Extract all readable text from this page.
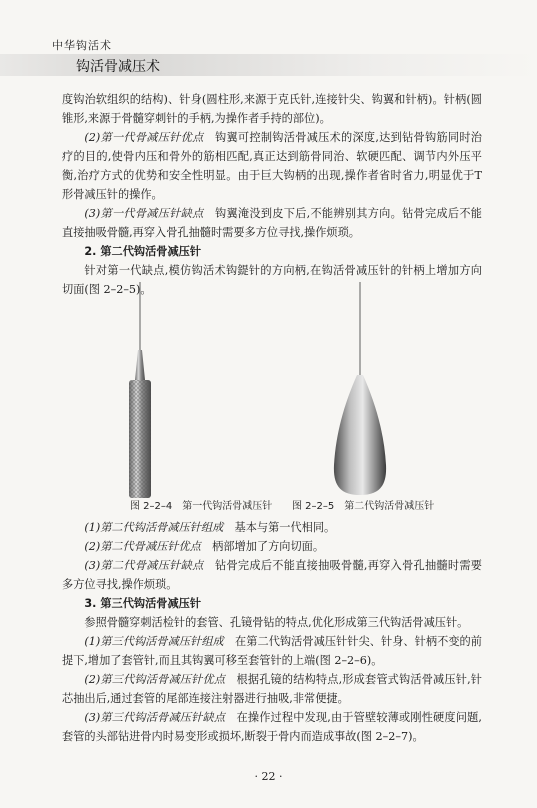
中华钩活术
钩活骨减压术

度钩治软组织的结构)、针身(圆柱形,来源于克氏针,连接针尖、钩翼和针柄)。针柄(圆锥形,来源于骨髓穿刺针的手柄,为操作者手持的部位)。

(2)第一代骨减压针优点　 钩翼可控制钩活骨减压术的深度,达到钻骨钩筋同时治疗的目的,使骨内压和骨外的筋相匹配,真正达到筋骨同治、软硬匹配、调节内外压平衡,治疗方式的优势和安全性明显。由于巨大钩柄的出现,操作者省时省力,明显优于T形骨减压针的操作。

(3)第一代骨减压针缺点　 钩翼淹没到皮下后,不能辨别其方向。钻骨完成后不能直接抽吸骨髓,再穿入骨孔抽髓时需要多方位寻找,操作烦琐。

2. 第二代钩活骨减压针

针对第一代缺点,模仿钩活术钩鍉针的方向柄,在钩活骨减压针的针柄上增加方向切面(图 2–2–5)。

图 2–2–4　第一代钩活骨减压针 图 2–2–5　第二代钩活骨减压针

(1)第二代钩活骨减压针组成　 基本与第一代相同。

(2)第二代骨减压针优点　 柄部增加了方向切面。

(3)第二代骨减压针缺点　 钻骨完成后不能直接抽吸骨髓,再穿入骨孔抽髓时需要多方位寻找,操作烦琐。

3. 第三代钩活骨减压针

参照骨髓穿刺活检针的套管、孔镜骨钻的特点,优化形成第三代钩活骨减压针。

(1)第三代钩活骨减压针组成　 在第二代钩活骨减压针针尖、针身、针柄不变的前提下,增加了套管针,而且其钩翼可移至套管针的上端(图 2–2–6)。

(2)第三代钩活骨减压针优点　 根据孔镜的结构特点,形成套管式钩活骨减压针,针芯抽出后,通过套管的尾部连接注射器进行抽吸,非常便捷。

(3)第三代钩活骨减压针缺点　 在操作过程中发现,由于管壁较薄或刚性硬度问题,套管的头部钻进骨内时易变形或损坏,断裂于骨内而造成事故(图 2–2–7)。

· 22 ·
